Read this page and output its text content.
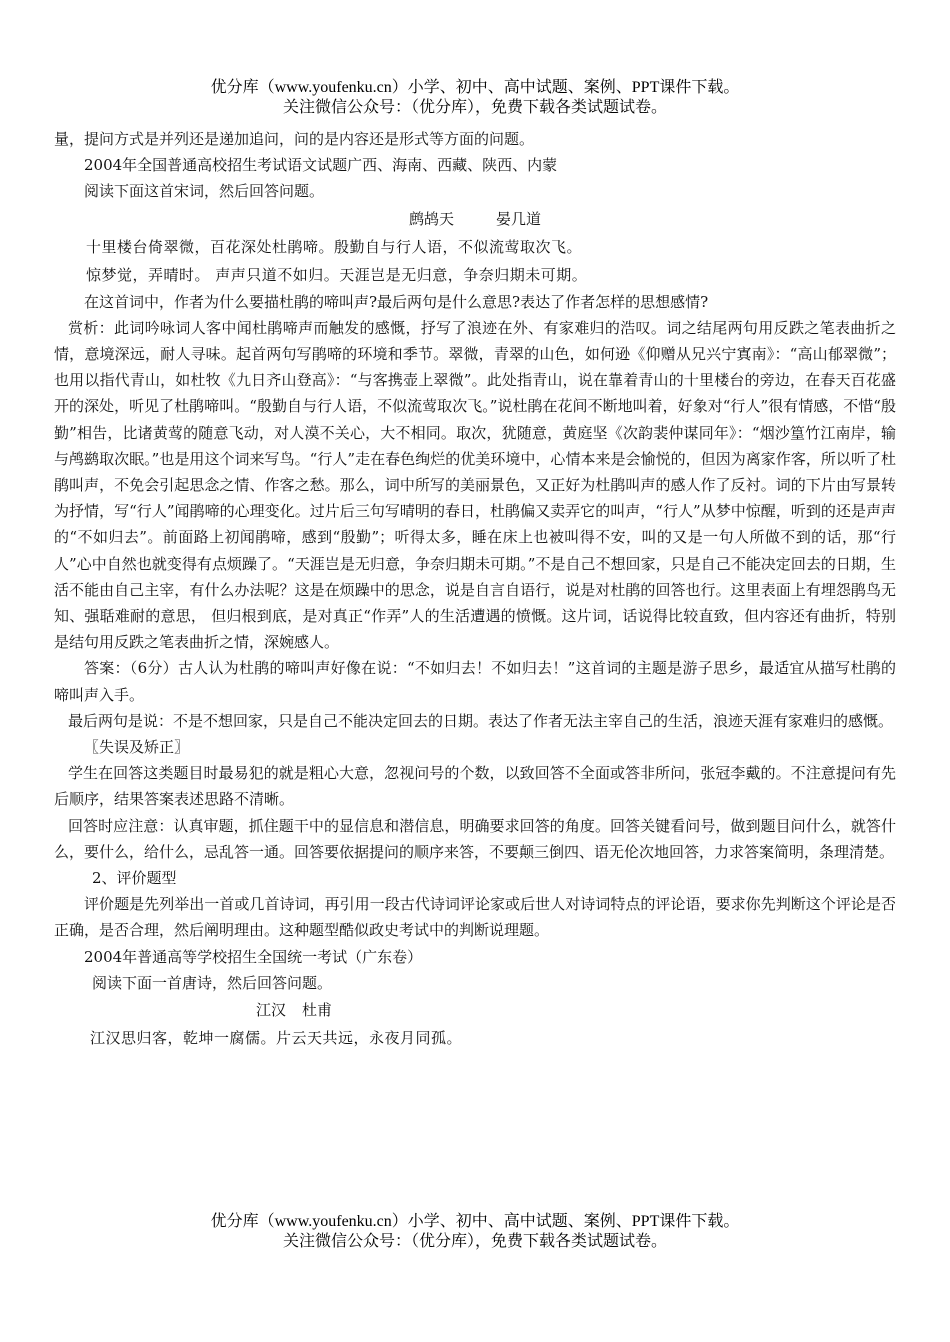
优分库（www.youfenku.cn）小学、初中、高中试题、案例、PPT课件下载。
关注微信公众号：（优分库），免费下载各类试题试卷。

量，提问方式是并列还是递加追问，问的是内容还是形式等方面的问题。

2004年全国普通高校招生考试语文试题广西、海南、西藏、陕西、内蒙

阅读下面这首宋词，然后回答问题。

鹧鸪天	晏几道

十里楼台倚翠微，百花深处杜鹃啼。殷勤自与行人语，不似流莺取次飞。

惊梦觉，弄晴时。 声声只道不如归。天涯岂是无归意，争奈归期未可期。

在这首词中，作者为什么要描杜鹃的啼叫声?最后两句是什么意思?表达了作者怎样的思想感情?

赏析：此词吟咏词人客中闻杜鹃啼声而触发的感慨，抒写了浪迹在外、有家难归的浩叹。词之结尾两句用反跌之笔表曲折之情，意境深远，耐人寻味。起首两句写鹃啼的环境和季节。翠微，青翠的山色，如何逊《仰赠从兄兴宁寘南》：“高山郁翠微”； 也用以指代青山，如杜牧《九日齐山登高》：“与客携壶上翠微”。此处指青山，说在靠着青山的十里楼台的旁边，在春天百花盛开的深处，听见了杜鹃啼叫。“殷勤自与行人语，不似流莺取次飞。”说杜鹃在花间不断地叫着，好象对“行人”很有情感，不惜“殷勤”相告，比诸黄莺的随意飞动，对人漠不关心，大不相同。取次，犹随意，黄庭坚《次韵裴仲谋同年》：“烟沙篁竹江南岸，输与鸬鹚取次眠。”也是用这个词来写鸟。“行人”走在春色绚烂的优美环境中，心情本来是会愉悦的，但因为离家作客，所以听了杜鹃叫声，不免会引起思念之情、作客之愁。那么，词中所写的美丽景色，又正好为杜鹃叫声的感人作了反衬。词的下片由写景转为抒情，写“行人”闻鹃啼的心理变化。过片后三句写晴明的春日，杜鹃偏又卖弄它的叫声，“行人”从梦中惊醒，听到的还是声声的“不如归去”。前面路上初闻鹃啼，感到“殷勤”；听得太多，睡在床上也被叫得不安，叫的又是一句人所做不到的话，那“行人”心中自然也就变得有点烦躁了。“天涯岂是无归意，争奈归期未可期。”不是自己不想回家，只是自己不能决定回去的日期，生活不能由自己主宰，有什么办法呢？这是在烦躁中的思念，说是自言自语行，说是对杜鹃的回答也行。这里表面上有埋怨鹃鸟无知、强聒难耐的意思， 但归根到底，是对真正“作弄”人的生活遭遇的愤慨。这片词，话说得比较直致，但内容还有曲折，特别是结句用反跌之笔表曲折之情，深婉感人。

答案：（6分）古人认为杜鹃的啼叫声好像在说：“不如归去！不如归去！”这首词的主题是游子思乡，最适宜从描写杜鹃的啼叫声入手。

最后两句是说：不是不想回家，只是自己不能决定回去的日期。表达了作者无法主宰自己的生活，浪迹天涯有家难归的感慨。

〖失误及矫正〗

学生在回答这类题目时最易犯的就是粗心大意，忽视问号的个数，以致回答不全面或答非所问，张冠李戴的。不注意提问有先后顺序，结果答案表述思路不清晰。

回答时应注意：认真审题，抓住题干中的显信息和潜信息，明确要求回答的角度。回答关键看问号，做到题目问什么，就答什么，要什么，给什么，忌乱答一通。回答要依据提问的顺序来答，不要颠三倒四、语无伦次地回答，力求答案简明，条理清楚。

2、评价题型

评价题是先列举出一首或几首诗词，再引用一段古代诗词评论家或后世人对诗词特点的评论语，要求你先判断这个评论是否正确，是否合理，然后阐明理由。这种题型酷似政史考试中的判断说理题。

2004年普通高等学校招生全国统一考试（广东卷）

阅读下面一首唐诗，然后回答问题。

江汉 杜甫

江汉思归客，乾坤一腐儒。片云天共远，永夜月同孤。

优分库（www.youfenku.cn）小学、初中、高中试题、案例、PPT课件下载。
关注微信公众号：（优分库），免费下载各类试题试卷。
